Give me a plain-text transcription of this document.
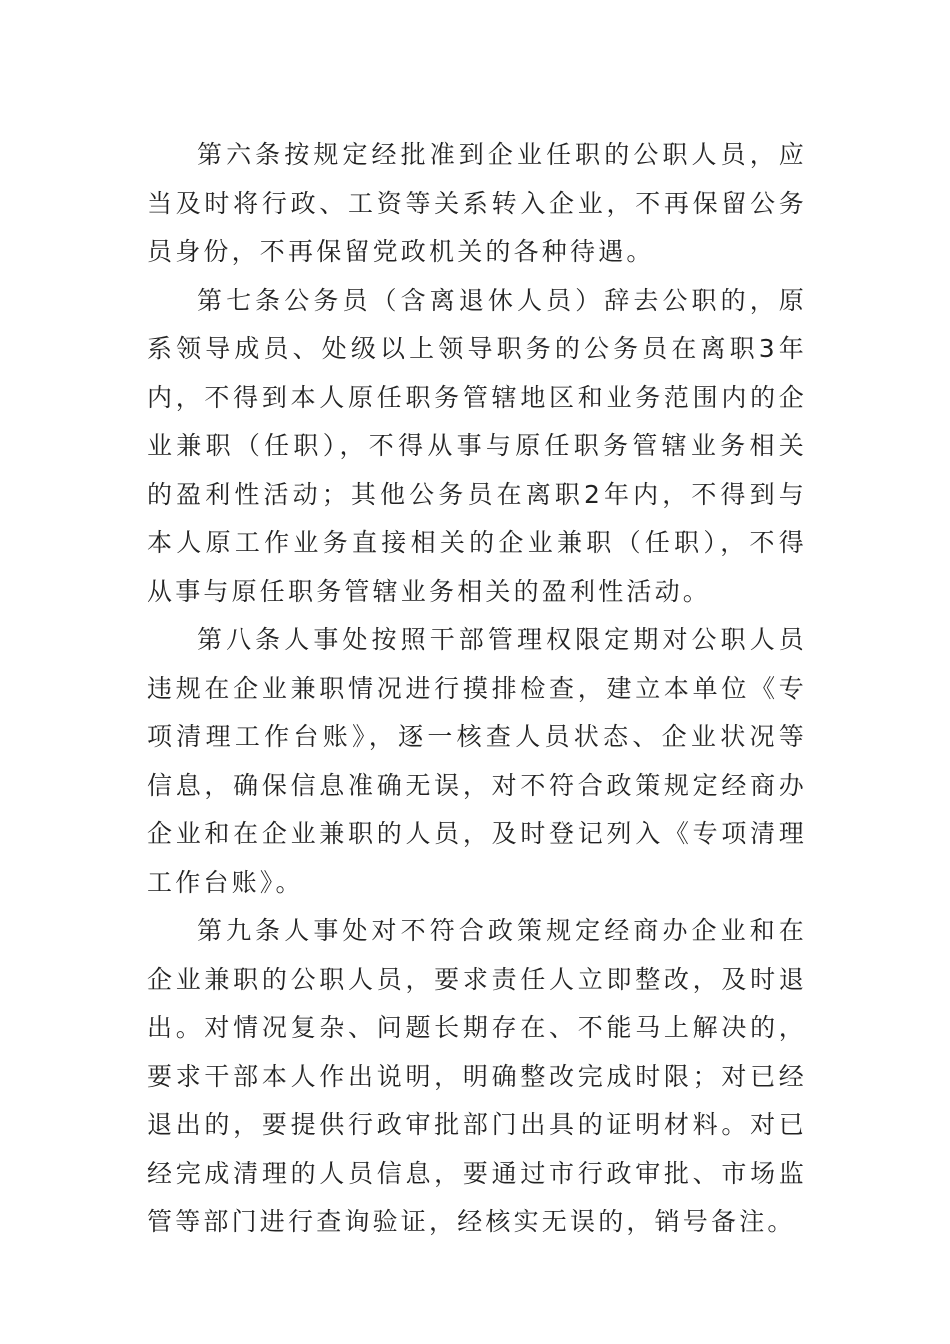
第六条按规定经批准到企业任职的公职人员，应当及时将行政、工资等关系转入企业，不再保留公务员身份，不再保留党政机关的各种待遇。

第七条公务员（含离退休人员）辞去公职的，原系领导成员、处级以上领导职务的公务员在离职3年内，不得到本人原任职务管辖地区和业务范围内的企业兼职（任职），不得从事与原任职务管辖业务相关的盈利性活动；其他公务员在离职2年内，不得到与本人原工作业务直接相关的企业兼职（任职），不得从事与原任职务管辖业务相关的盈利性活动。

第八条人事处按照干部管理权限定期对公职人员违规在企业兼职情况进行摸排检查，建立本单位《专项清理工作台账》，逐一核查人员状态、企业状况等信息，确保信息准确无误，对不符合政策规定经商办企业和在企业兼职的人员，及时登记列入《专项清理工作台账》。

第九条人事处对不符合政策规定经商办企业和在企业兼职的公职人员，要求责任人立即整改，及时退出。对情况复杂、问题长期存在、不能马上解决的，要求干部本人作出说明，明确整改完成时限；对已经退出的，要提供行政审批部门出具的证明材料。对已经完成清理的人员信息，要通过市行政审批、市场监管等部门进行查询验证，经核实无误的，销号备注。
